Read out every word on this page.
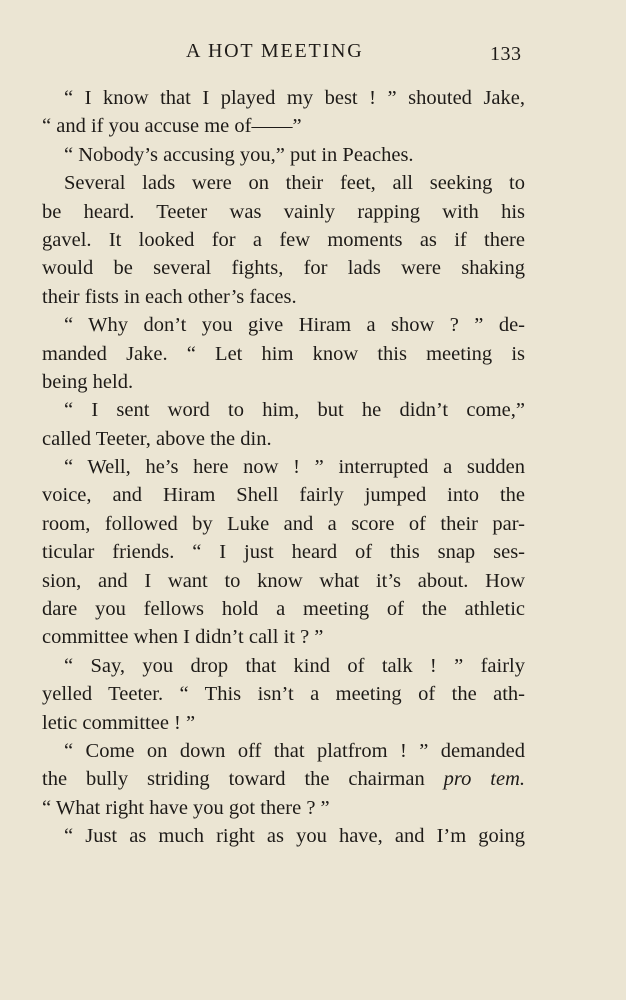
A HOT MEETING	133
“ I know that I played my best ! ” shouted Jake,
“ and if you accuse me of——”
“ Nobody’s accusing you,” put in Peaches.
Several lads were on their feet, all seeking to
be heard. Teeter was vainly rapping with his
gavel. It looked for a few moments as if there
would be several fights, for lads were shaking
their fists in each other’s faces.
“ Why don’t you give Hiram a show ? ” de-
manded Jake. “ Let him know this meeting is
being held.
“ I sent word to him, but he didn’t come,”
called Teeter, above the din.
“ Well, he’s here now ! ” interrupted a sudden
voice, and Hiram Shell fairly jumped into the
room, followed by Luke and a score of their par-
ticular friends. “ I just heard of this snap ses-
sion, and I want to know what it’s about. How
dare you fellows hold a meeting of the athletic
committee when I didn’t call it ? ”
“ Say, you drop that kind of talk ! ” fairly
yelled Teeter. “ This isn’t a meeting of the ath-
letic committee ! ”
“ Come on down off that platfrom ! ” demanded
the bully striding toward the chairman pro tem.
“ What right have you got there ? ”
“ Just as much right as you have, and I’m going
